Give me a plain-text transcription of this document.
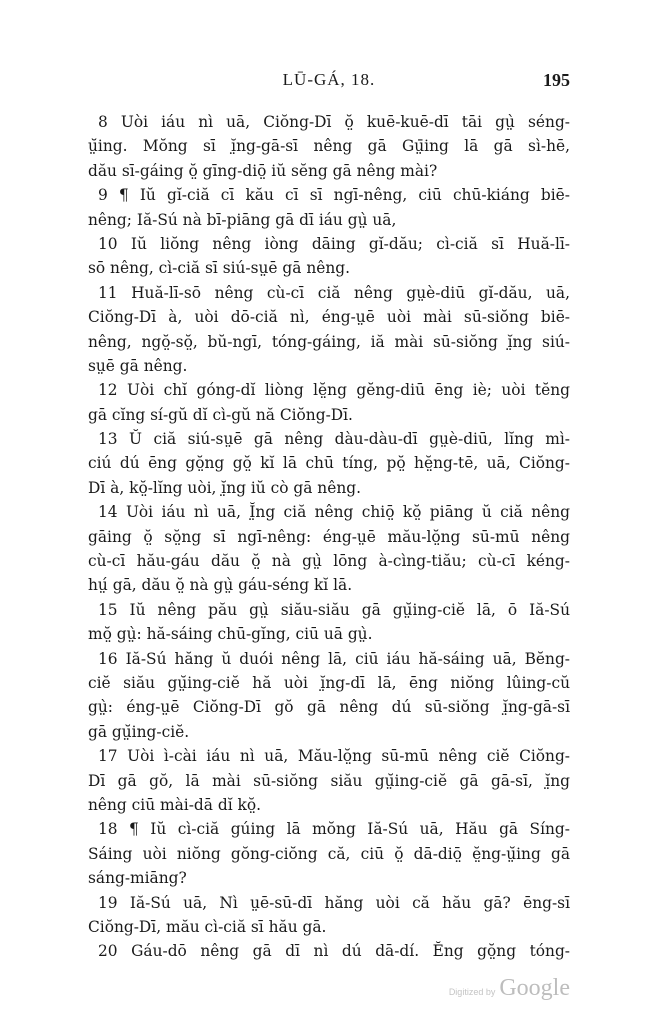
LŪ-GÁ, 18.	195
8 Uòi iáu nì uā, Ciŏng-Dī ŏ̤ kuē-kuē-dī tāi gṳ̀ séng-
ṳ̆ing. Mŏng sī ĭ̤ng-gā-sī nêng gā Gṳ̄ing lā gā sì-hē,
dău sī-gáing ŏ̤ gīng-diō̤ iŭ sĕng gā nêng mài?
9 ¶ Iŭ gĭ-ciă cī kău cī sī ngī-nêng, ciū chū-kiáng biē-
nêng; Iă-Sú nà bī-piāng gā dī iáu gṳ̀ uā,
10 Iŭ liŏng nêng iòng dāing gĭ-dău; cì-ciă sī Huă-lī-
sō nêng, cì-ciă sī siú-sṳē gā nêng.
11 Huă-lī-sō nêng cù-cī ciă nêng gṳè-diū gĭ-dău, uā,
Ciŏng-Dī à, uòi dō-ciă nì, éng-ṳē uòi mài sū-siŏng biē-
nêng, ngŏ̤-sŏ̤, bŭ-ngī, tóng-gáing, iă mài sū-siŏng ĭ̤ng siú-
sṳē gā nêng.
12 Uòi chĭ góng-dĭ liòng lĕ̤ng gĕng-diū ēng iè; uòi tĕng
gā cĭng sí-gŭ dĭ cì-gŭ nă Ciŏng-Dī.
13 Ŭ ciă siú-sṳē gā nêng dàu-dàu-dī gṳè-diū, lĭng mì-
ciú dú ēng gŏ̤ng gŏ̤ kĭ lā chū tíng, pŏ̤ hĕ̤ng-tē, uā, Ciŏng-
Dī à, kŏ̤-lĭng uòi, ĭ̤ng iŭ cò gā nêng.
14 Uòi iáu nì uā, Ĭ̤ng ciă nêng chiō̤ kŏ̤ piāng ŭ ciă nêng
gāing ŏ̤ sŏ̤ng sī ngī-nêng: éng-ṳē mău-lŏ̤ng sū-mū nêng
cù-cī hău-gáu dău ŏ̤ nà gṳ̀ lōng à-cìng-tiău; cù-cī kéng-
hṳ́ gā, dău ŏ̤ nà gṳ̀ gáu-séng kĭ lā.
15 Iŭ nêng pău gṳ̀ siău-siău gā gṳ̆ing-ciĕ lā, ō Iă-Sú
mŏ̤ gṳ̀: hă-sáing chū-gĭng, ciū uā gṳ̀.
16 Iă-Sú hăng ŭ duói nêng lā, ciū iáu hă-sáing uā, Bĕng-
ciĕ siău gṳ̆ing-ciĕ hă uòi ĭ̤ng-dī lā, ēng niŏng lûing-cŭ
gṳ̀: éng-ṳē Ciŏng-Dī gŏ gā nêng dú sū-siŏng ĭ̤ng-gā-sī
gā gṳ̆ing-ciĕ.
17 Uòi ì-cài iáu nì uā, Mău-lŏ̤ng sū-mū nêng ciĕ Ciŏng-
Dī gā gŏ, lā mài sū-siŏng siău gṳ̆ing-ciĕ gā gā-sī, ĭ̤ng
nêng ciū mài-dā dĭ kŏ̤.
18 ¶ Iŭ cì-ciă gúing lā mŏng Iă-Sú uā, Hău gā Síng-
Sáing uòi niŏng gŏng-ciŏng că, ciū ŏ̤ dā-diō̤ ĕ̤ng-ṳ̆ing gā
sáng-miāng?
19 Iă-Sú uā, Nì ṳē-sū-dī hăng uòi că hău gā? ēng-sī
Ciŏng-Dī, mău cì-ciă sī hău gā.
20 Gáu-dō nêng gā dī nì dú dā-dí. Ĕng gŏ̤ng tóng-
Digitized by Google
